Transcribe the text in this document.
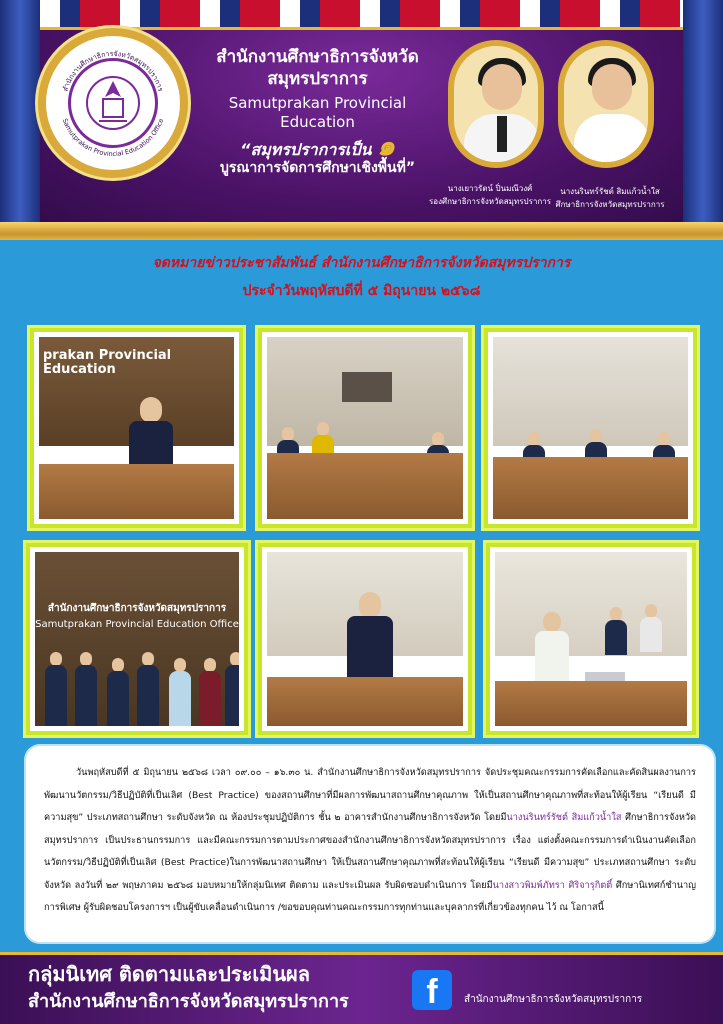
สำนักงานศึกษาธิการจังหวัดสมุทรปราการ
Samutprakan Provincial Education Office
สำนักงานศึกษาธิการจังหวัด
สมุทรปราการ
Samutprakan Provincial
Education
“สมุทรปราการเป็น ๑
บูรณาการจัดการศึกษาเชิงพื้นที่”
นางเยาวรัตน์ ปิ่นมณีวงศ์
รองศึกษาธิการจังหวัดสมุทรปราการ
นางนรินทร์รัชต์ สิมแก้วน้ำใส
ศึกษาธิการจังหวัดสมุทรปราการ
จดหมายข่าวประชาสัมพันธ์ สำนักงานศึกษาธิการจังหวัดสมุทรปราการ
ประจำวันพฤหัสบดีที่ ๕ มิถุนายน ๒๕๖๘
prakan Provincial Education
สำนักงานศึกษาธิการจังหวัดสมุทรปราการ
Samutprakan Provincial Education Office

วันพฤหัสบดีที่ ๕ มิถุนายน ๒๕๖๘ เวลา ๐๙.๐๐ – ๑๖.๓๐ น. สำนักงานศึกษาธิการจังหวัดสมุทรปราการ จัดประชุมคณะกรรมการคัดเลือกและคัดสินผลงานการพัฒนานวัตกรรม/วิธีปฏิบัติที่เป็นเลิศ (Best Practice) ของสถานศึกษาที่มีผลการพัฒนาสถานศึกษาคุณภาพ ให้เป็นสถานศึกษาคุณภาพที่สะท้อนให้ผู้เรียน “เรียนดี มีความสุข” ประเภทสถานศึกษา ระดับจังหวัด ณ ห้องประชุมปฏิบัติการ ชั้น ๒ อาคารสำนักงานศึกษาธิการจังหวัด โดยมีนางนรินทร์รัชต์ สิมแก้วน้ำใส ศึกษาธิการจังหวัดสมุทรปราการ เป็นประธานกรรมการ และมีคณะกรรมการตามประกาศของสำนักงานศึกษาธิการจังหวัดสมุทรปราการ เรื่อง แต่งตั้งคณะกรรมการดำเนินงานคัดเลือกนวัตกรรม/วิธีปฏิบัติที่เป็นเลิศ (Best Practice)ในการพัฒนาสถานศึกษา ให้เป็นสถานศึกษาคุณภาพที่สะท้อนให้ผู้เรียน “เรียนดี มีความสุข” ประเภทสถานศึกษา ระดับจังหวัด ลงวันที่ ๒๙ พฤษภาคม ๒๕๖๘ มอบหมายให้กลุ่มนิเทศ ติดตาม และประเมินผล รับผิดชอบดำเนินการ โดยมีนางสาวพิมพ์ภัทรา ศิริจารุกิตติ์ ศึกษานิเทศก์ชำนาญการพิเศษ ผู้รับผิดชอบโครงการฯ เป็นผู้ขับเคลื่อนดำเนินการ /ขอขอบคุณท่านคณะกรรมการทุกท่านและบุคลากรที่เกี่ยวข้องทุกคน ไว้ ณ โอกาสนี้

กลุ่มนิเทศ ติดตามและประเมินผล
สำนักงานศึกษาธิการจังหวัดสมุทรปราการ	f	สำนักงานศึกษาธิการจังหวัดสมุทรปราการ
